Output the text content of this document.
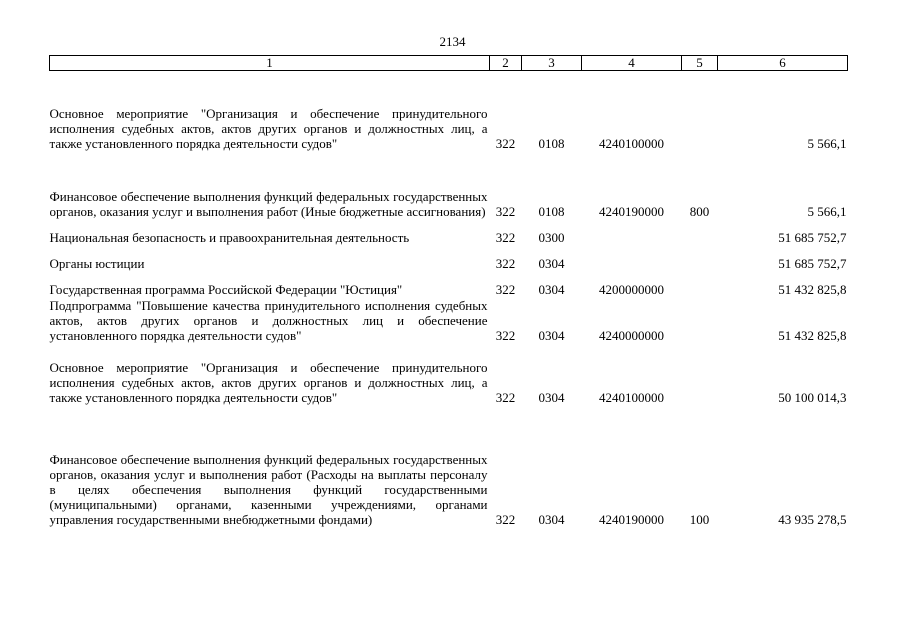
2134
1	2	3	4	5	6
Основное мероприятие "Организация и обеспечение принудительного исполнения судебных актов, актов других органов и должностных лиц, а также установленного порядка деятельности судов"	322	0108	4240100000		5 566,1
Финансовое обеспечение выполнения функций федеральных государственных органов, оказания услуг и выполнения работ (Иные бюджетные ассигнования)	322	0108	4240190000	800	5 566,1
Национальная безопасность и правоохранительная деятельность	322	0300			51 685 752,7
Органы юстиции	322	0304			51 685 752,7
Государственная программа Российской Федерации "Юстиция"	322	0304	4200000000		51 432 825,8
Подпрограмма "Повышение качества принудительного исполнения судебных актов, актов других органов и должностных лиц и обеспечение установленного порядка деятельности судов"	322	0304	4240000000		51 432 825,8
Основное мероприятие "Организация и обеспечение принудительного исполнения судебных актов, актов других органов и должностных лиц, а также установленного порядка деятельности судов"	322	0304	4240100000		50 100 014,3
Финансовое обеспечение выполнения функций федеральных государственных органов, оказания услуг и выполнения работ (Расходы на выплаты персоналу в целях обеспечения выполнения функций государственными (муниципальными) органами, казенными учреждениями, органами управления государственными внебюджетными фондами)	322	0304	4240190000	100	43 935 278,5
